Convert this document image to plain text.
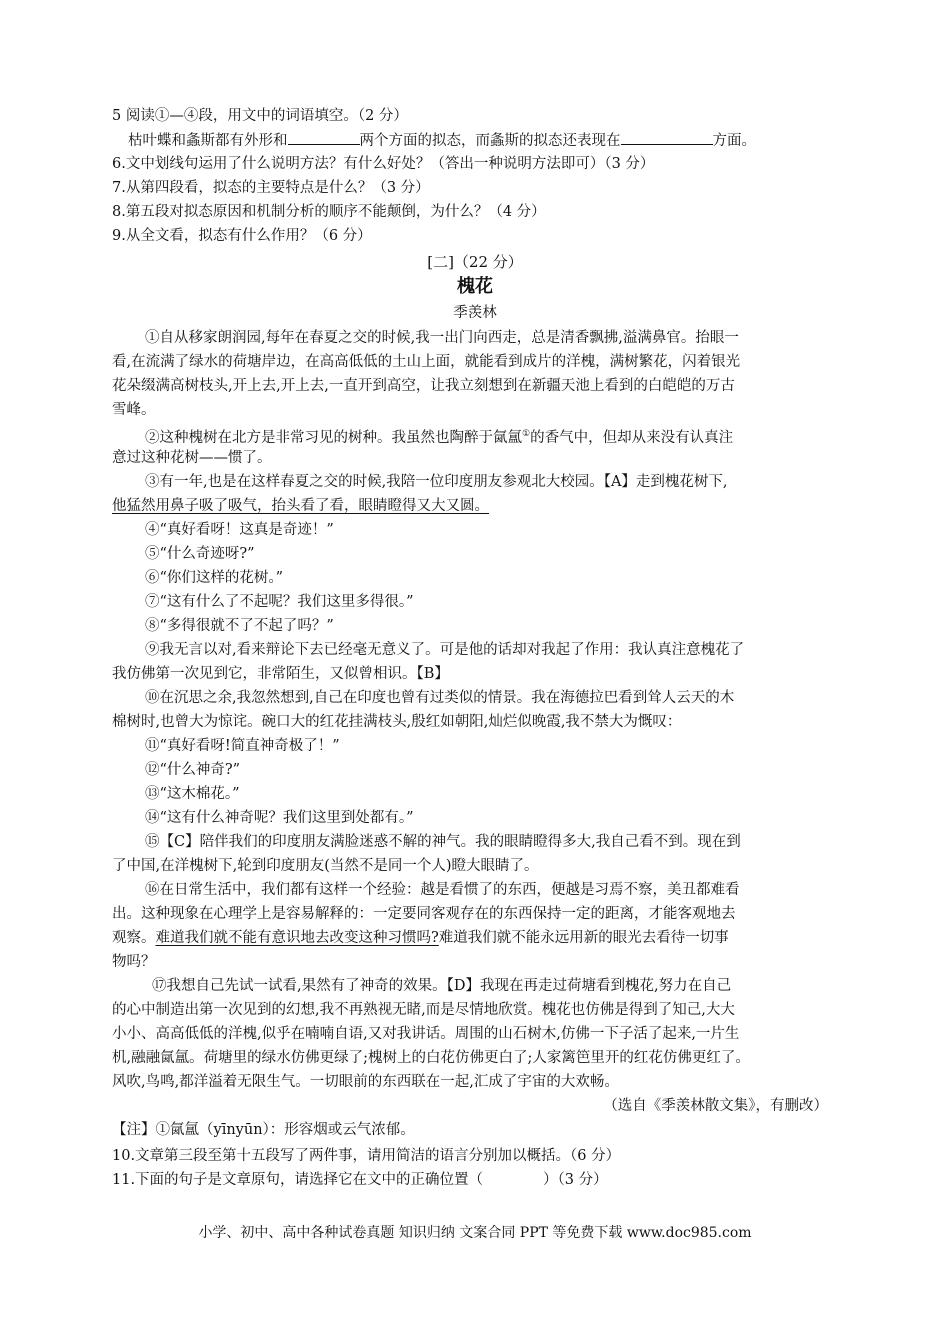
5 阅读①—④段，用文中的词语填空。（2 分）
枯叶蝶和螽斯都有外形和	两个方面的拟态，而螽斯的拟态还表现在	方面。
6.文中划线句运用了什么说明方法？有什么好处？（答出一种说明方法即可）（3 分）
7.从第四段看，拟态的主要特点是什么？（3 分）
8.第五段对拟态原因和机制分析的顺序不能颠倒，为什么？（4 分）
9.从全文看，拟态有什么作用？（6 分）
[二]（22 分）
槐花
季羡林
①自从移家朗润园,每年在春夏之交的时候,我一出门向西走，总是清香飘拂,溢满鼻官。抬眼一
看,在流满了绿水的荷塘岸边，在高高低低的土山上面，就能看到成片的洋槐，满树繁花，闪着银光
花朵缀满高树枝头,开上去,开上去,一直开到高空，让我立刻想到在新疆天池上看到的白皑皑的万古
雪峰。
②这种槐树在北方是非常习见的树种。我虽然也陶醉于氤氲①的香气中，但却从来没有认真注
意过这种花树——惯了。
③有一年,也是在这样春夏之交的时候,我陪一位印度朋友参观北大校园。【A】走到槐花树下,
他猛然用鼻子吸了吸气，抬头看了看，眼睛瞪得又大又圆。
④“真好看呀！这真是奇迹！”
⑤“什么奇迹呀?”
⑥“你们这样的花树。”
⑦“这有什么了不起呢？我们这里多得很。”
⑧“多得很就不了不起了吗？”
⑨我无言以对,看来辩论下去已经毫无意义了。可是他的话却对我起了作用：我认真注意槐花了
我仿佛第一次见到它，非常陌生，又似曾相识。【B】
⑩在沉思之余,我忽然想到,自己在印度也曾有过类似的情景。我在海德拉巴看到耸人云天的木
棉树时,也曾大为惊诧。碗口大的红花挂满枝头,殷红如朝阳,灿烂似晚霞,我不禁大为慨叹：
⑪“真好看呀!简直神奇极了！”
⑫“什么神奇?”
⑬“这木棉花。”
⑭“这有什么神奇呢？我们这里到处都有。”
⑮【C】陪伴我们的印度朋友满脸迷惑不解的神气。我的眼睛瞪得多大,我自己看不到。现在到
了中国,在洋槐树下,轮到印度朋友(当然不是同一个人)瞪大眼睛了。
⑯在日常生活中，我们都有这样一个经验：越是看惯了的东西，便越是习焉不察，美丑都难看
出。这种现象在心理学上是容易解释的：一定要同客观存在的东西保持一定的距离，才能客观地去
观察。难道我们就不能有意识地去改变这种习惯吗?难道我们就不能永远用新的眼光去看待一切事
物吗？
⑰我想自己先试一试看,果然有了神奇的效果。【D】我现在再走过荷塘看到槐花,努力在自己
的心中制造出第一次见到的幻想,我不再熟视无睹,而是尽情地欣赏。槐花也仿佛是得到了知己,大大
小小、高高低低的洋槐,似乎在喃喃自语,又对我讲话。周围的山石树木,仿佛一下子活了起来,一片生
机,融融氤氲。荷塘里的绿水仿佛更绿了;槐树上的白花仿佛更白了;人家篱笆里开的红花仿佛更红了。
风吹,鸟鸣,都洋溢着无限生气。一切眼前的东西联在一起,汇成了宇宙的大欢畅。
（选自《季羡林散文集》，有删改）
【注】①氤氲（yīnyūn）：形容烟或云气浓郁。
10.文章第三段至第十五段写了两件事，请用简洁的语言分别加以概括。（6 分）
11.下面的句子是文章原句，请选择它在文中的正确位置（	）（3 分）
小学、初中、高中各种试卷真题 知识归纳 文案合同 PPT 等免费下载 www.doc985.com
